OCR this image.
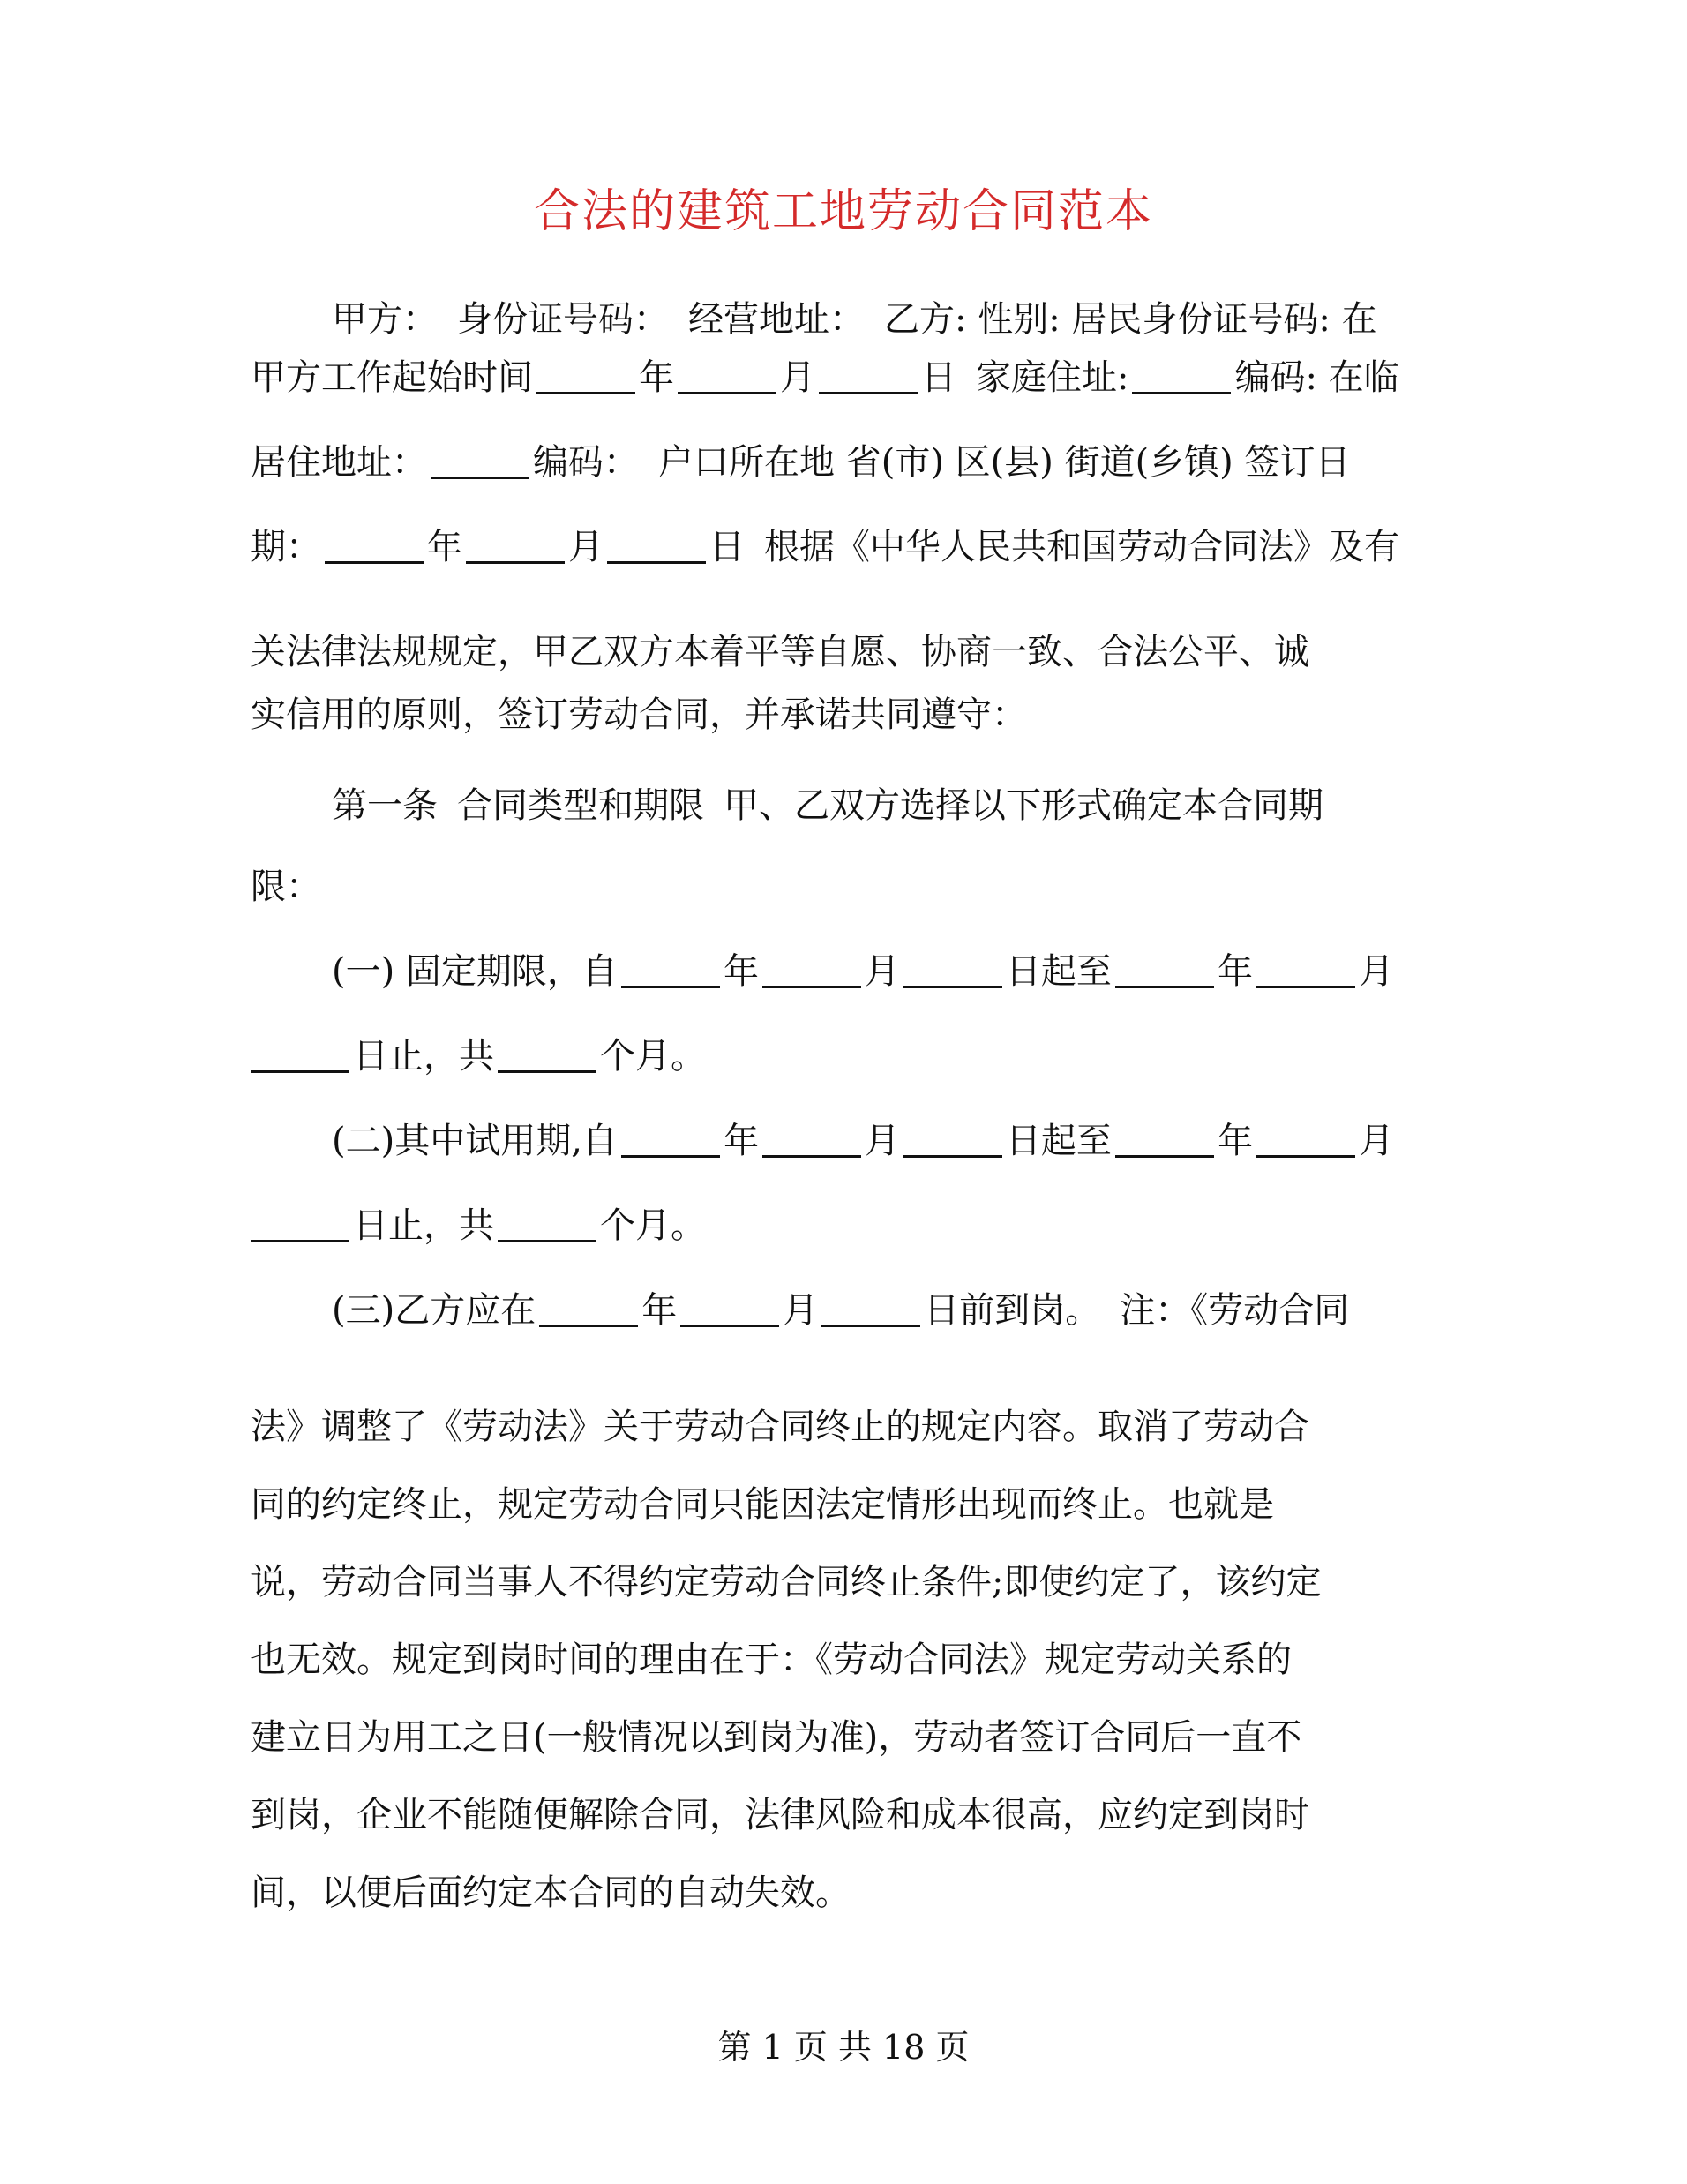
合法的建筑工地劳动合同范本
甲方： 身份证号码： 经营地址： 乙方: 性别: 居民身份证号码: 在
甲方工作起始时间	年	月	日 家庭住址:	编码: 在临
居住地址：	编码： 户口所在地 省(市) 区(县) 街道(乡镇) 签订日
期：	年	月	日 根据《中华人民共和国劳动合同法》及有
关法律法规规定，甲乙双方本着平等自愿、协商一致、合法公平、诚
实信用的原则，签订劳动合同，并承诺共同遵守：
第一条 合同类型和期限 甲、乙双方选择以下形式确定本合同期
限：
(一) 固定期限，自	年	月	日起至	年	月
日止，共	个月。
(二)其中试用期,自	年	月	日起至	年	月
日止，共	个月。
(三)乙方应在	年	月	日前到岗。 注：《劳动合同
法》调整了《劳动法》关于劳动合同终止的规定内容。取消了劳动合
同的约定终止，规定劳动合同只能因法定情形出现而终止。也就是
说，劳动合同当事人不得约定劳动合同终止条件;即使约定了，该约定
也无效。规定到岗时间的理由在于：《劳动合同法》规定劳动关系的
建立日为用工之日(一般情况以到岗为准)，劳动者签订合同后一直不
到岗，企业不能随便解除合同，法律风险和成本很高，应约定到岗时
间，以便后面约定本合同的自动失效。
第 1 页 共 18 页
